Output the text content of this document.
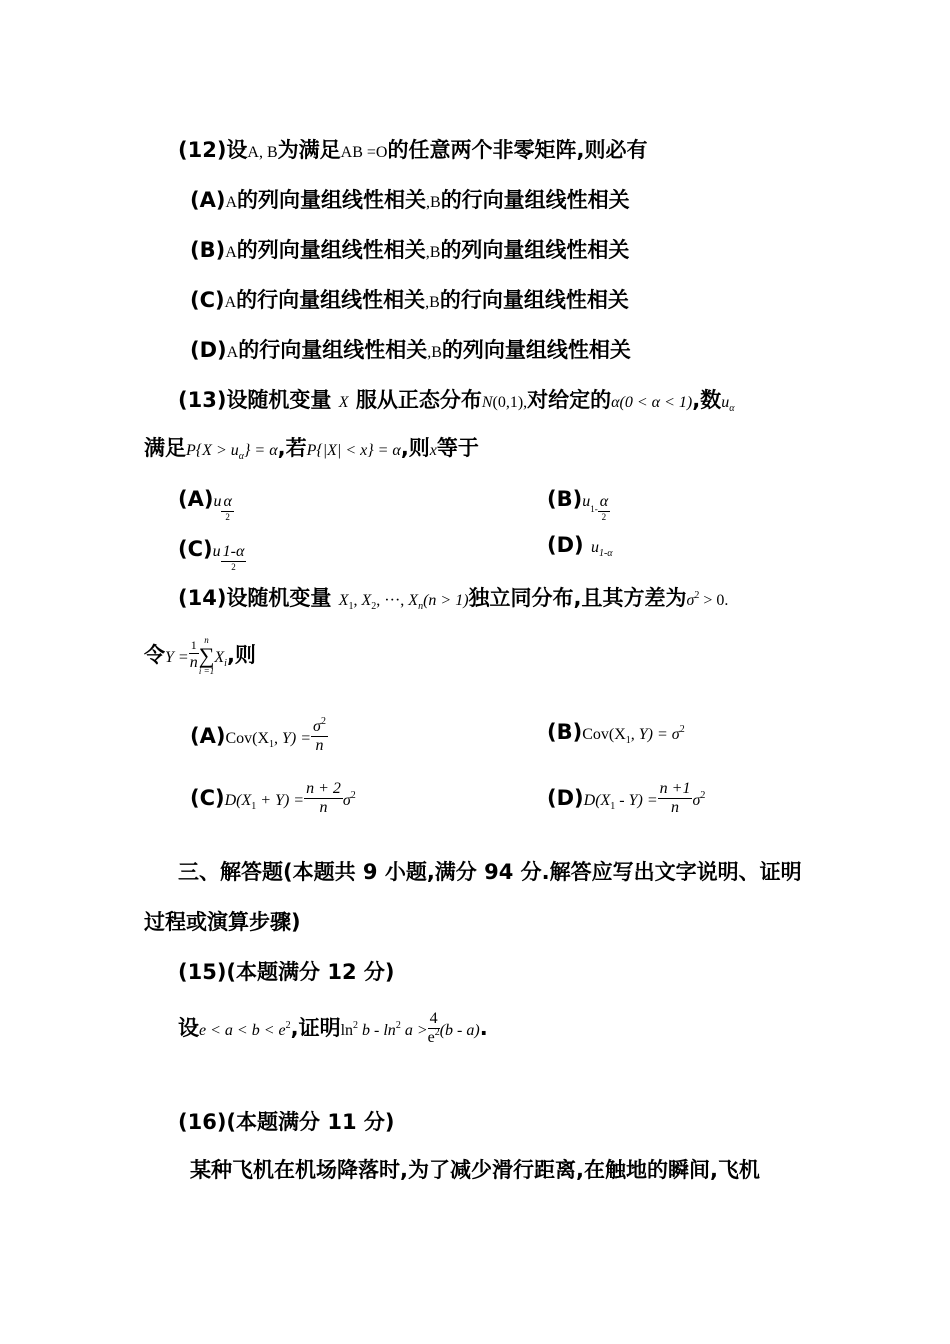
(12)设A, B为满足AB =O的任意两个非零矩阵,则必有
(A)A的列向量组线性相关,B的行向量组线性相关
(B)A的列向量组线性相关,B的列向量组线性相关
(C)A的行向量组线性相关,B的行向量组线性相关
(D)A的行向量组线性相关,B的列向量组线性相关
(13)设随机变量 X 服从正态分布N(0,1),对给定的α(0 < α < 1),数uα
满足P{X > uα} = α,若P{|X| < x} = α,则x等于
$(A)u \frac{\alpha}{2}$	$(B)u_{1-} \frac{\alpha}{2}$
$(C)u \frac{1-\alpha}{2}$	(D) u1-α
(14)设随机变量 X1, X2, ···, Xn(n > 1)独立同分布,且其方差为$\sigma^2 > 0$.
令$Y = \frac{1}{n}$ n
∑
i =1
Xi,则
(A)Cov(X1, $Y) = \frac{\sigma^2}{n}$	(B)Cov(X1, $Y) = \sigma^2$
$(C)D(X1 + Y) = \frac{n + 2}{n} \sigma^2$	$(D)D(X1 - Y) = \frac{n +1}{n} \sigma^2$
三、解答题(本题共 9 小题,满分 94 分.解答应写出文字说明、证明
过程或演算步骤)
(15)(本题满分 12 分)
设$e < a < b < e^2$,证明$\ln^2 b - \ln^2 a > \frac{4}{e^2} (b - a)$.
(16)(本题满分 11 分)
某种飞机在机场降落时,为了减少滑行距离,在触地的瞬间,飞机
